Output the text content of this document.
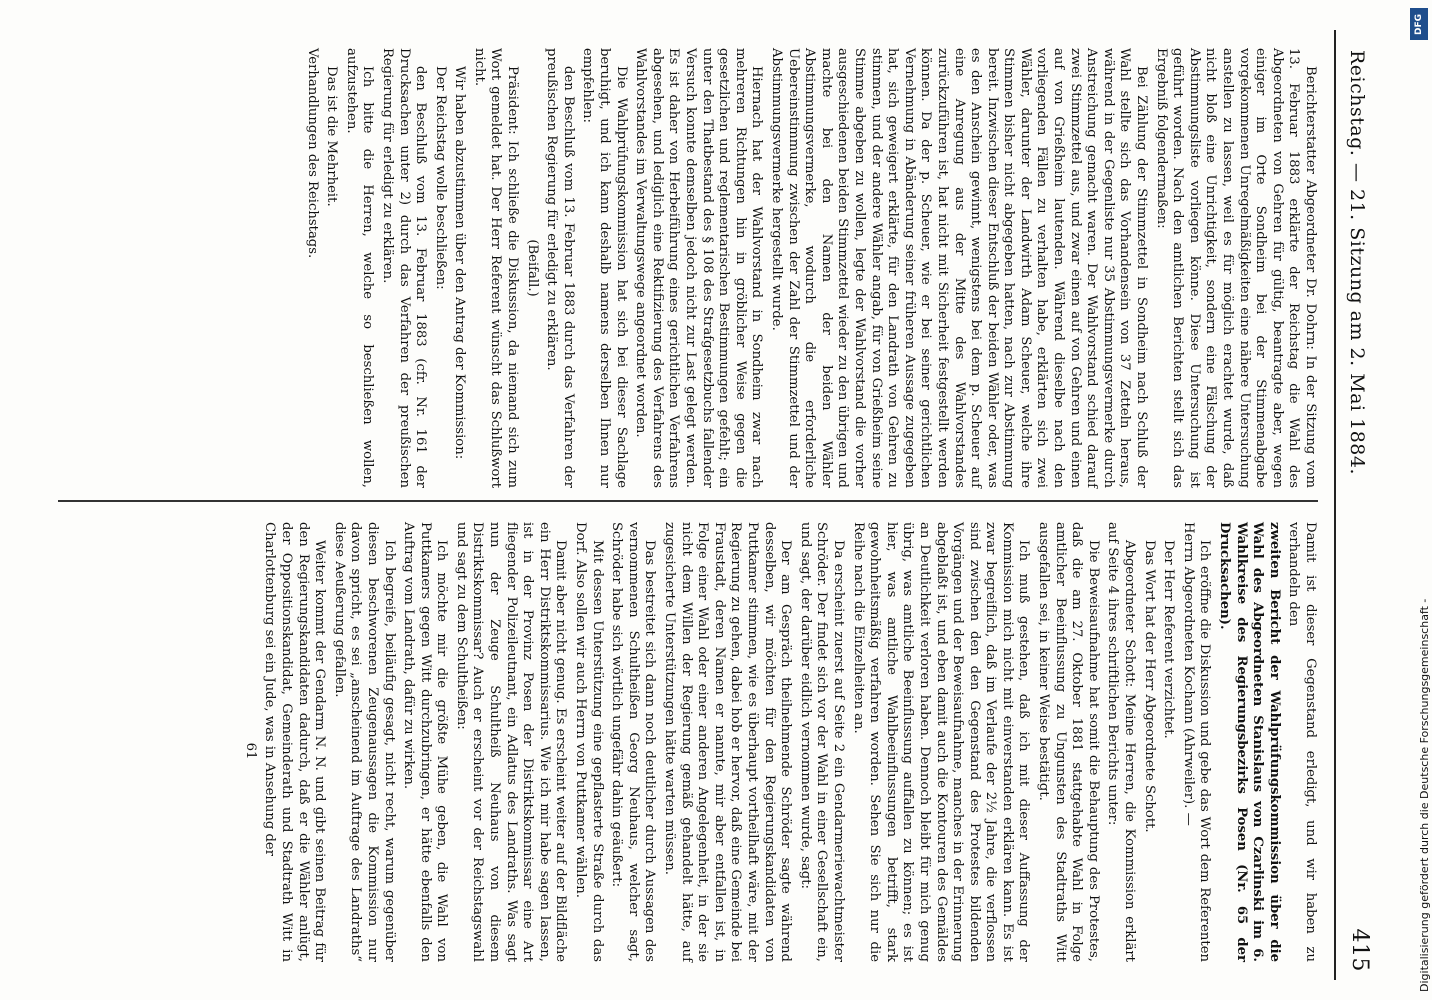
Reichstag. — 21. Sitzung am 2. Mai 1884.
415

Berichterstatter Abgeordneter Dr. Dohrn: In der Sitzung vom 13. Februar 1883 erklärte der Reichstag die Wahl des Abgeordneten von Gehren für gültig, beantragte aber, wegen einiger im Orte Sondheim bei der Stimmenabgabe vorgekommenen Unregelmäßigkeiten eine nähere Untersuchung anstellen zu lassen, weil es für möglich erachtet wurde, daß nicht bloß eine Unrichtigkeit, sondern eine Fälschung der Abstimmungsliste vorliegen könne. Diese Untersuchung ist geführt worden. Nach den amtlichen Berichten stellt sich das Ergebniß folgendermaßen:

Bei Zählung der Stimmzettel in Sondheim nach Schluß der Wahl stellte sich das Vorhandensein von 37 Zetteln heraus, während in der Gegenliste nur 35 Abstimmungsvermerke durch Anstreichung gemacht waren. Der Wahlvorstand schied darauf zwei Stimmzettel aus, und zwar einen auf von Gehren und einen auf von Grießheim lautenden. Während dieselbe nach den vorliegenden Fällen zu verhalten habe, erklärten sich zwei Wähler, darunter der Landwirth Adam Scheuer, welche ihre Stimmen bisher nicht abgegeben hatten, nach zur Abstimmung bereit. Inzwischen dieser Entschluß der beiden Wähler oder, was es den Anschein gewinnt, wenigstens bei dem p. Scheuer auf eine Anregung aus der Mitte des Wahlvorstandes zurückzuführen ist, hat nicht mit Sicherheit festgestellt werden können. Da der p. Scheuer, wie er bei seiner gerichtlichen Vernehmung in Abänderung seiner früheren Aussage zugegeben hat, sich geweigert erklärte, für den Landrath von Gehren zu stimmen, und der andere Wähler angab, für von Grießheim seine Stimme abgeben zu wollen, legte der Wahlvorstand die vorher ausgeschiedenen beiden Stimmzettel wieder zu den übrigen und machte bei den Namen der beiden Wähler Abstimmungsvermerke, wodurch die erforderliche Uebereinstimmung zwischen der Zahl der Stimmzettel und der Abstimmungsvermerke hergestellt wurde.

Hiernach hat der Wahlvorstand in Sondheim zwar nach mehreren Richtungen hin in gröblicher Weise gegen die gesetzlichen und reglementarischen Bestimmungen gefehlt; ein unter den Thatbestand des § 108 des Strafgesetzbuchs fallender Versuch konnte demselben jedoch nicht zur Last gelegt werden. Es ist daher von Herbeiführung eines gerichtlichen Verfahrens abgesehen, und lediglich eine Rektifizierung des Verfahrens des Wahlvorstandes im Verwaltungswege angeordnet worden.

Die Wahlprüfungskommission hat sich bei dieser Sachlage beruhigt, und ich kann deshalb namens derselben Ihnen nur empfehlen:

den Beschluß vom 13. Februar 1883 durch das Verfahren der preußischen Regierung für erledigt zu erklären.

(Beifall.)

Präsident: Ich schließe die Diskussion, da niemand sich zum Wort gemeldet hat. Der Herr Referent wünscht das Schlußwort nicht.

Wir haben abzustimmen über den Antrag der Kommission:

Der Reichstag wolle beschließen:

den Beschluß vom 13. Februar 1883 (cfr. Nr. 161 der Drucksachen unter 2) durch das Verfahren der preußischen Regierung für erledigt zu erklären.

Ich bitte die Herren, welche so beschließen wollen, aufzustehen.

Das ist die Mehrheit.

Verhandlungen des Reichstags.

Damit ist dieser Gegenstand erledigt, und wir haben zu verhandeln den

zweiten Bericht der Wahlprüfungskommission über die Wahl des Abgeordneten Stanislaus von Czarlinski im 6. Wahlkreise des Regierungsbezirks Posen (Nr. 65 der Drucksachen).

Ich eröffne die Diskussion und gebe das Wort dem Referenten Herrn Abgeordneten Kochann (Ahrweiler). —

Der Herr Referent verzichtet.

Das Wort hat der Herr Abgeordnete Schott.

Abgeordneter Schott: Meine Herren, die Kommission erklärt auf Seite 4 ihres schriftlichen Berichts unter:

Die Beweisaufnahme hat somit die Behauptung des Protestes, daß die am 27. Oktober 1881 stattgehabte Wahl in Folge amtlicher Beeinflussung zu Ungunsten des Stadtraths Witt ausgefallen sei, in keiner Weise bestätigt.

Ich muß gestehen, daß ich mit dieser Auffassung der Kommission mich nicht mit einverstanden erklären kann. Es ist zwar begreiflich, daß im Verlaufe der 2½ Jahre, die verflossen sind zwischen den den Gegenstand des Protestes bildenden Vorgängen und der Beweisaufnahme, manches in der Erinnerung abgeblaßt ist, und eben damit auch die Kontouren des Gemäldes an Deutlichkeit verloren haben. Dennoch bleibt für mich genug übrig, was amtliche Beeinflussung auffallen zu können; es ist hier, was amtliche Wahlbeeinflussungen betrifft, stark gewohnheitsmäßig verfahren worden. Sehen Sie sich nur die Reihe nach die Einzelheiten an.

Da erscheint zuerst auf Seite 2 ein Gendarmeriewachtmeister Schröder. Der findet sich vor der Wahl in einer Gesellschaft ein, und sagt, der darüber eidlich vernommen wurde, sagt:

Der am Gespräch theilnehmende Schröder sagte während desselben, wir möchten für den Regierungskandidaten von Puttkamer stimmen, wie es überhaupt vortheilhaft wäre, mit der Regierung zu gehen, dabei hob er hervor, daß eine Gemeinde bei Fraustadt, deren Namen er nannte, mir aber entfallen ist, in Folge einer Wahl oder einer anderen Angelegenheit, in der sie nicht dem Willen der Regierung gemäß gehandelt hätte, auf zugesicherte Unterstützungen hätte warten müssen.

Das bestreitet sich dann noch deutlicher durch Aussagen des vernommenen Schultheißen Georg Neuhaus, welcher sagt, Schröder habe sich wörtlich ungefähr dahin geäußert:

Mit dessen Unterstützung eine gepflasterte Straße durch das Dorf. Also sollen wir auch Herrn von Puttkamer wählen.

Damit aber nicht genug. Es erscheint weiter auf der Bildfläche ein Herr Distriktskommissarius. Wie ich mir habe sagen lassen, ist in der Provinz Posen der Distriktskommissar eine Art fliegender Polizeileutnant, ein Adlatus des Landraths. Was sagt nun der Zeuge Schultheiß Neuhaus von diesem Distriktskommissar? Auch er erscheint vor der Reichstagswahl und sagt zu dem Schultheißen:

Ich möchte mir die größte Mühe geben, die Wahl von Puttkamers gegen Witt durchzubringen, er hätte ebenfalls den Auftrag vom Landrath, dafür zu wirken.

Ich begreife, beiläufig gesagt, nicht recht, warum gegenüber diesen beschworenen Zeugenaussagen die Kommission nur davon spricht, es sei „anscheinend im Auftrage des Landraths“ diese Aeußerung gefallen.

Weiter kommt der Gendarm N. N. und gibt seinen Beitrag für den Regierungskandidaten dadurch, daß er die Wähler anlügt, der Oppositionskandidat, Gemeinderath und Stadtrath Witt in Charlottenburg sei ein Jude, was in Ansehung der

61	Digitalisierung gefördert durch die Deutsche Forschungsgemeinschaft -
DFG
